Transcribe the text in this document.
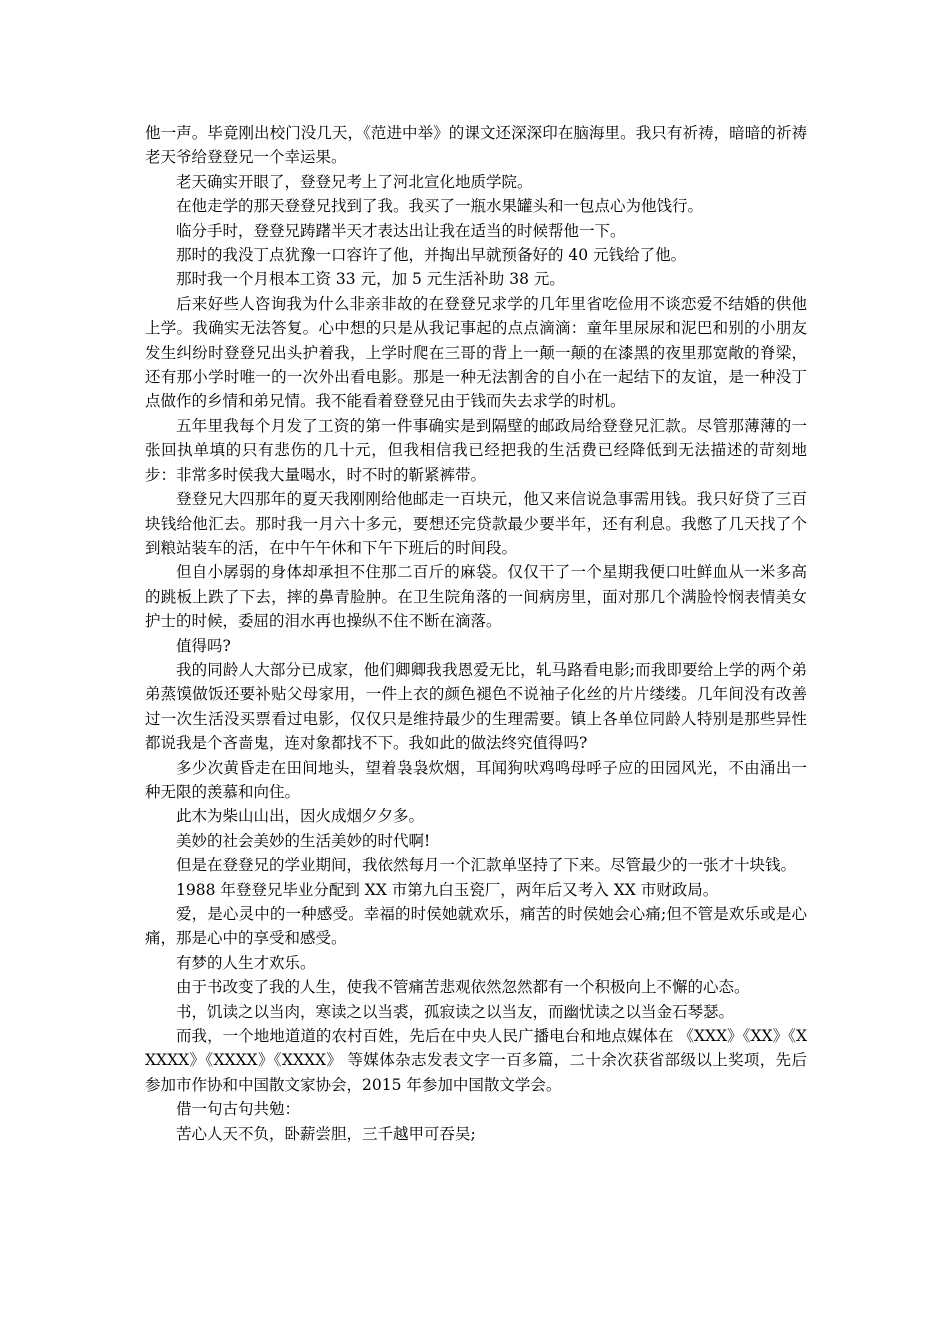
他一声。毕竟刚出校门没几天，《范进中举》的课文还深深印在脑海里。我只有祈祷，暗暗的祈祷老天爷给登登兄一个幸运果。

老天确实开眼了，登登兄考上了河北宣化地质学院。

在他走学的那天登登兄找到了我。我买了一瓶水果罐头和一包点心为他饯行。

临分手时，登登兄踌躇半天才表达出让我在适当的时候帮他一下。

那时的我没丁点犹豫一口容许了他，并掏出早就预备好的 40 元钱给了他。

那时我一个月根本工资 33 元，加 5 元生活补助 38 元。

后来好些人咨询我为什么非亲非故的在登登兄求学的几年里省吃俭用不谈恋爱不结婚的供他上学。我确实无法答复。心中想的只是从我记事起的点点滴滴：童年里尿尿和泥巴和别的小朋友发生纠纷时登登兄出头护着我，上学时爬在三哥的背上一颠一颠的在漆黑的夜里那宽敞的脊梁，还有那小学时唯一的一次外出看电影。那是一种无法割舍的自小在一起结下的友谊，是一种没丁点做作的乡情和弟兄情。我不能看着登登兄由于钱而失去求学的时机。

五年里我每个月发了工资的第一件事确实是到隔壁的邮政局给登登兄汇款。尽管那薄薄的一张回执单填的只有悲伤的几十元，但我相信我已经把我的生活费已经降低到无法描述的苛刻地步：非常多时侯我大量喝水，时不时的靳紧裤带。

登登兄大四那年的夏天我刚刚给他邮走一百块元，他又来信说急事需用钱。我只好贷了三百块钱给他汇去。那时我一月六十多元，要想还完贷款最少要半年，还有利息。我憋了几天找了个到粮站装车的活，在中午午休和下午下班后的时间段。

但自小孱弱的身体却承担不住那二百斤的麻袋。仅仅干了一个星期我便口吐鲜血从一米多高的跳板上跌了下去，摔的鼻青脸肿。在卫生院角落的一间病房里，面对那几个满脸怜悯表情美女护士的时候，委屈的泪水再也操纵不住不断在滴落。

值得吗?

我的同龄人大部分已成家，他们卿卿我我恩爱无比，轧马路看电影;而我即要给上学的两个弟弟蒸馍做饭还要补贴父母家用，一件上衣的颜色褪色不说袖子化丝的片片缕缕。几年间没有改善过一次生活没买票看过电影，仅仅只是维持最少的生理需要。镇上各单位同龄人特别是那些异性都说我是个吝啬鬼，连对象都找不下。我如此的做法终究值得吗?

多少次黄昏走在田间地头，望着袅袅炊烟，耳闻狗吠鸡鸣母呼子应的田园风光，不由涌出一种无限的羡慕和向住。

此木为柴山山出，因火成烟夕夕多。

美妙的社会美妙的生活美妙的时代啊!

但是在登登兄的学业期间，我依然每月一个汇款单坚持了下来。尽管最少的一张才十块钱。

1988 年登登兄毕业分配到 XX 市第九白玉瓷厂，两年后又考入 XX 市财政局。

爱，是心灵中的一种感受。幸福的时侯她就欢乐，痛苦的时侯她会心痛;但不管是欢乐或是心痛，那是心中的享受和感受。

有梦的人生才欢乐。

由于书改变了我的人生，使我不管痛苦悲观依然忽然都有一个积极向上不懈的心态。

书，饥读之以当肉，寒读之以当裘，孤寂读之以当友，而幽忧读之以当金石琴瑟。

而我，一个地地道道的农村百姓，先后在中央人民广播电台和地点媒体在 《XXX》《XX》《XXXXX》《XXXX》《XXXX》 等媒体杂志发表文字一百多篇，二十余次获省部级以上奖项，先后参加市作协和中国散文家协会，2015 年参加中国散文学会。

借一句古句共勉：

苦心人天不负，卧薪尝胆，三千越甲可吞吴;
